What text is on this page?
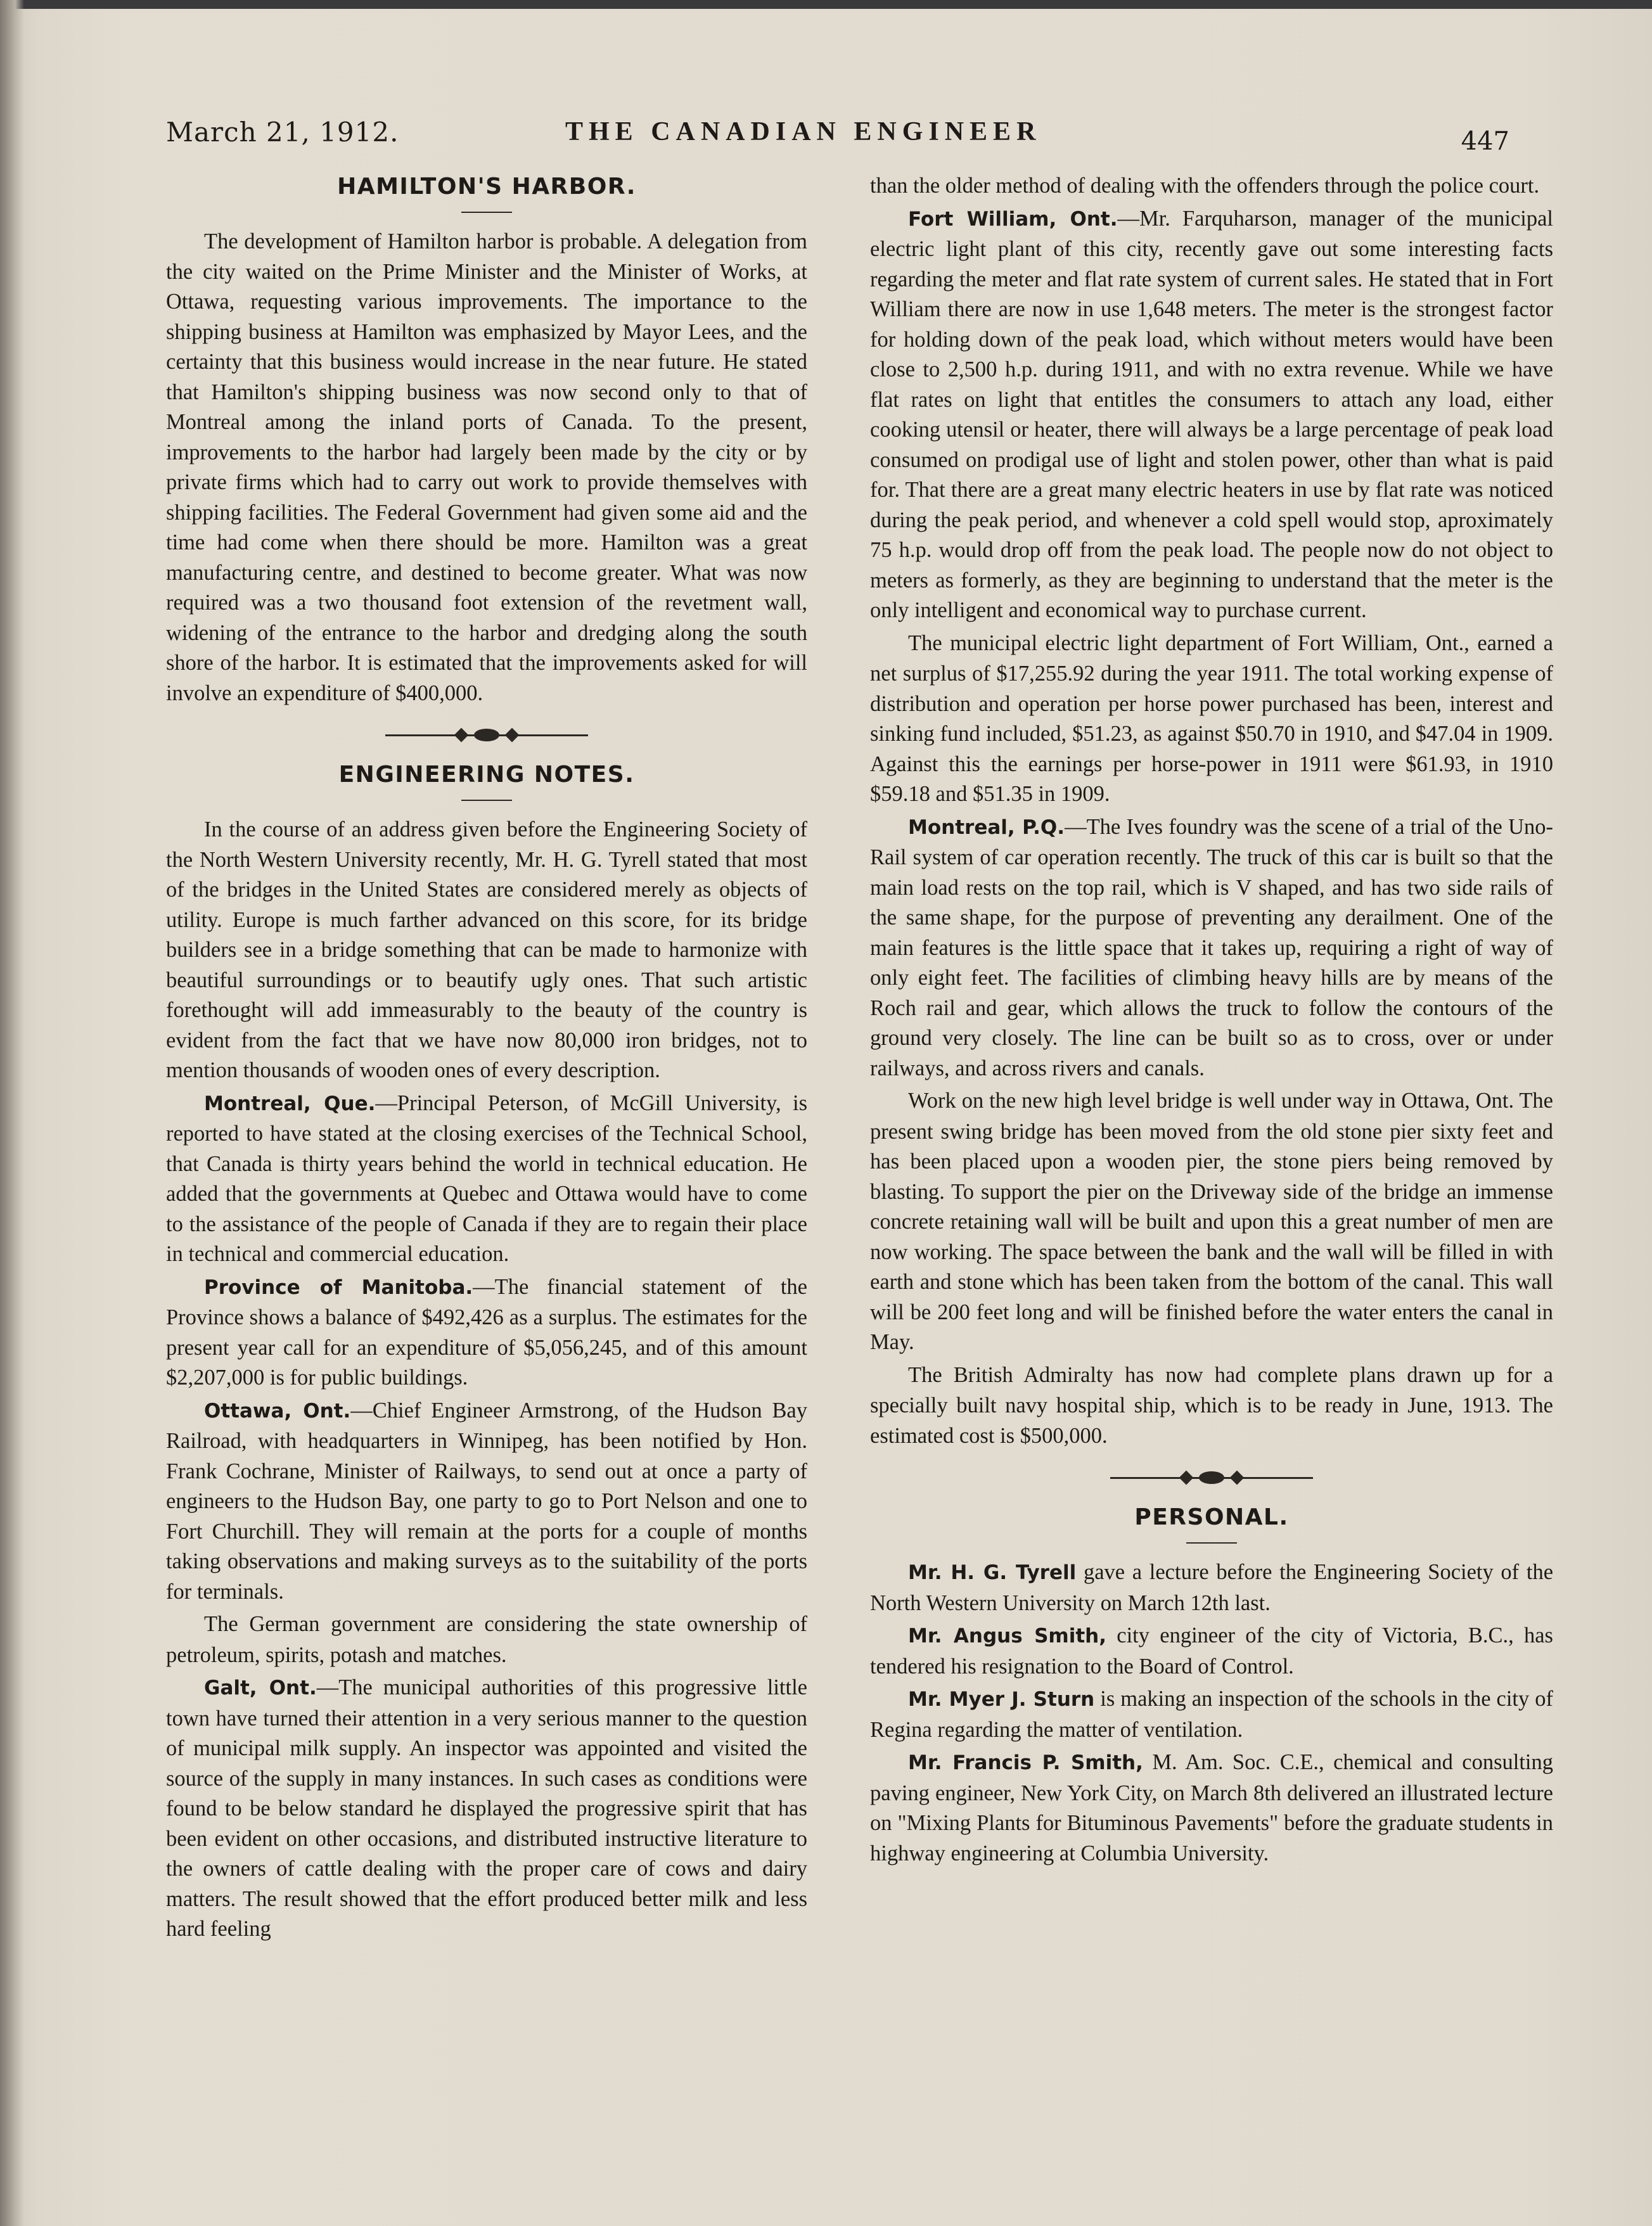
March 21, 1912.	THE CANADIAN ENGINEER	447
HAMILTON'S HARBOR.

The development of Hamilton harbor is probable. A delegation from the city waited on the Prime Minister and the Minister of Works, at Ottawa, requesting various improvements. The importance to the shipping business at Hamilton was emphasized by Mayor Lees, and the certainty that this business would increase in the near future. He stated that Hamilton's shipping business was now second only to that of Montreal among the inland ports of Canada. To the present, improvements to the harbor had largely been made by the city or by private firms which had to carry out work to provide themselves with shipping facilities. The Federal Government had given some aid and the time had come when there should be more. Hamilton was a great manufacturing centre, and destined to become greater. What was now required was a two thousand foot extension of the revetment wall, widening of the entrance to the harbor and dredging along the south shore of the harbor. It is estimated that the improvements asked for will involve an expenditure of $400,000.

ENGINEERING NOTES.

In the course of an address given before the Engineering Society of the North Western University recently, Mr. H. G. Tyrell stated that most of the bridges in the United States are considered merely as objects of utility. Europe is much farther advanced on this score, for its bridge builders see in a bridge something that can be made to harmonize with beautiful surroundings or to beautify ugly ones. That such artistic forethought will add immeasurably to the beauty of the country is evident from the fact that we have now 80,000 iron bridges, not to mention thousands of wooden ones of every description.

Montreal, Que.—Principal Peterson, of McGill University, is reported to have stated at the closing exercises of the Technical School, that Canada is thirty years behind the world in technical education. He added that the governments at Quebec and Ottawa would have to come to the assistance of the people of Canada if they are to regain their place in technical and commercial education.

Province of Manitoba.—The financial statement of the Province shows a balance of $492,426 as a surplus. The estimates for the present year call for an expenditure of $5,056,245, and of this amount $2,207,000 is for public buildings.

Ottawa, Ont.—Chief Engineer Armstrong, of the Hudson Bay Railroad, with headquarters in Winnipeg, has been notified by Hon. Frank Cochrane, Minister of Railways, to send out at once a party of engineers to the Hudson Bay, one party to go to Port Nelson and one to Fort Churchill. They will remain at the ports for a couple of months taking observations and making surveys as to the suitability of the ports for terminals.

The German government are considering the state ownership of petroleum, spirits, potash and matches.

Galt, Ont.—The municipal authorities of this progressive little town have turned their attention in a very serious manner to the question of municipal milk supply. An inspector was appointed and visited the source of the supply in many instances. In such cases as conditions were found to be below standard he displayed the progressive spirit that has been evident on other occasions, and distributed instructive literature to the owners of cattle dealing with the proper care of cows and dairy matters. The result showed that the effort produced better milk and less hard feeling

than the older method of dealing with the offenders through the police court.

Fort William, Ont.—Mr. Farquharson, manager of the municipal electric light plant of this city, recently gave out some interesting facts regarding the meter and flat rate system of current sales. He stated that in Fort William there are now in use 1,648 meters. The meter is the strongest factor for holding down of the peak load, which without meters would have been close to 2,500 h.p. during 1911, and with no extra revenue. While we have flat rates on light that entitles the consumers to attach any load, either cooking utensil or heater, there will always be a large percentage of peak load consumed on prodigal use of light and stolen power, other than what is paid for. That there are a great many electric heaters in use by flat rate was noticed during the peak period, and whenever a cold spell would stop, aproximately 75 h.p. would drop off from the peak load. The people now do not object to meters as formerly, as they are beginning to understand that the meter is the only intelligent and economical way to purchase current.

The municipal electric light department of Fort William, Ont., earned a net surplus of $17,255.92 during the year 1911. The total working expense of distribution and operation per horse power purchased has been, interest and sinking fund included, $51.23, as against $50.70 in 1910, and $47.04 in 1909. Against this the earnings per horse-power in 1911 were $61.93, in 1910 $59.18 and $51.35 in 1909.

Montreal, P.Q.—The Ives foundry was the scene of a trial of the Uno-Rail system of car operation recently. The truck of this car is built so that the main load rests on the top rail, which is V shaped, and has two side rails of the same shape, for the purpose of preventing any derailment. One of the main features is the little space that it takes up, requiring a right of way of only eight feet. The facilities of climbing heavy hills are by means of the Roch rail and gear, which allows the truck to follow the contours of the ground very closely. The line can be built so as to cross, over or under railways, and across rivers and canals.

Work on the new high level bridge is well under way in Ottawa, Ont. The present swing bridge has been moved from the old stone pier sixty feet and has been placed upon a wooden pier, the stone piers being removed by blasting. To support the pier on the Driveway side of the bridge an immense concrete retaining wall will be built and upon this a great number of men are now working. The space between the bank and the wall will be filled in with earth and stone which has been taken from the bottom of the canal. This wall will be 200 feet long and will be finished before the water enters the canal in May.

The British Admiralty has now had complete plans drawn up for a specially built navy hospital ship, which is to be ready in June, 1913. The estimated cost is $500,000.

PERSONAL.

Mr. H. G. Tyrell gave a lecture before the Engineering Society of the North Western University on March 12th last.

Mr. Angus Smith, city engineer of the city of Victoria, B.C., has tendered his resignation to the Board of Control.

Mr. Myer J. Sturn is making an inspection of the schools in the city of Regina regarding the matter of ventilation.

Mr. Francis P. Smith, M. Am. Soc. C.E., chemical and consulting paving engineer, New York City, on March 8th delivered an illustrated lecture on "Mixing Plants for Bituminous Pavements" before the graduate students in highway engineering at Columbia University.
